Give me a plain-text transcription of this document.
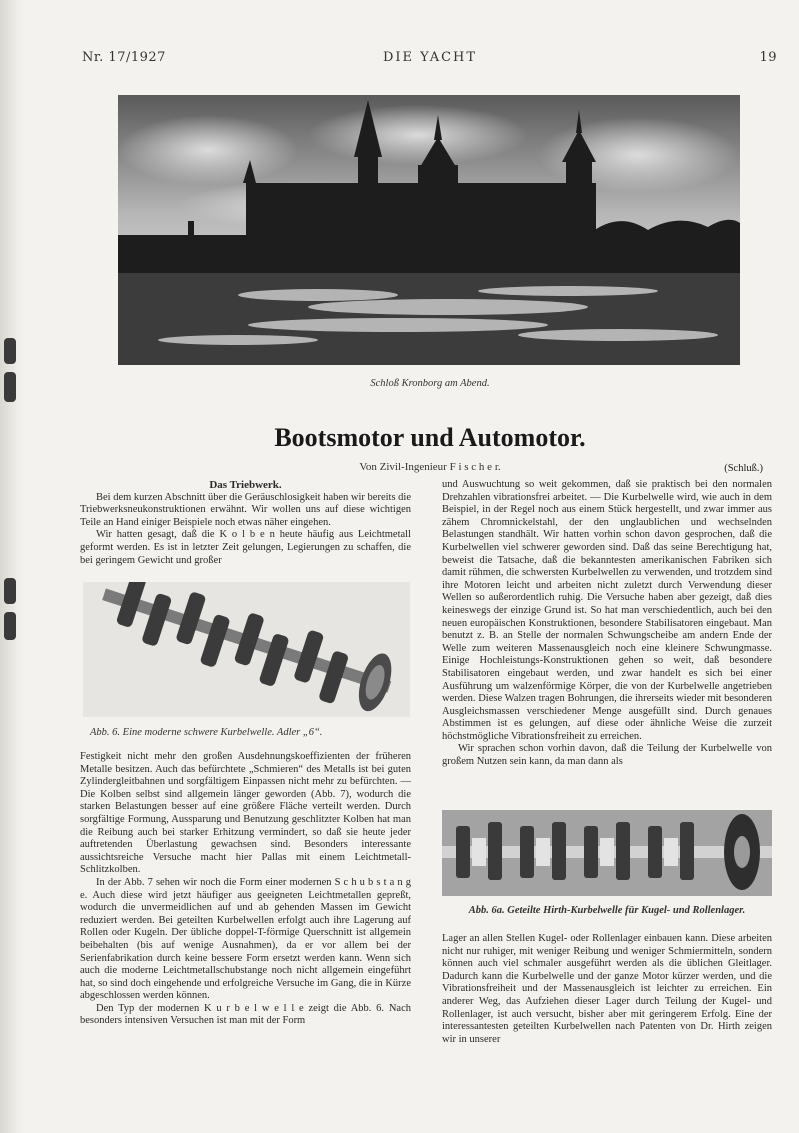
Nr. 17/1927	DIE YACHT	19
Schloß Kronborg am Abend.
Bootsmotor und Automotor.
Von Zivil-Ingenieur F i s c h e r.	(Schluß.)

Das Triebwerk.

Bei dem kurzen Abschnitt über die Geräuschlosigkeit haben wir bereits die Triebwerksneukonstruktionen erwähnt. Wir wollen uns auf diese wichtigen Teile an Hand einiger Beispiele noch etwas näher eingehen.

Wir hatten gesagt, daß die K o l b e n heute häufig aus Leichtmetall geformt werden. Es ist in letzter Zeit gelungen, Legierungen zu schaffen, die bei geringem Gewicht und großer

Abb. 6. Eine moderne schwere Kurbelwelle. Adler „6“.

Festigkeit nicht mehr den großen Ausdehnungskoeffizienten der früheren Metalle besitzen. Auch das befürchtete „Schmieren“ des Metalls ist bei guten Zylindergleitbahnen und sorgfältigem Einpassen nicht mehr zu befürchten. — Die Kolben selbst sind allgemein länger geworden (Abb. 7), wodurch die starken Belastungen besser auf eine größere Fläche verteilt werden. Durch sorgfältige Formung, Aussparung und Benutzung geschlitzter Kolben hat man die Reibung auch bei starker Erhitzung vermindert, so daß sie heute jeder auftretenden Überlastung gewachsen sind. Besonders interessante aussichtsreiche Versuche macht hier Pallas mit einem Leichtmetall-Schlitzkolben.

In der Abb. 7 sehen wir noch die Form einer modernen S c h u b s t a n g e. Auch diese wird jetzt häufiger aus geeigneten Leichtmetallen gepreßt, wodurch die unvermeidlichen auf und ab gehenden Massen im Gewicht reduziert werden. Bei geteilten Kurbelwellen erfolgt auch ihre Lagerung auf Rollen oder Kugeln. Der übliche doppel-T-förmige Querschnitt ist allgemein beibehalten (bis auf wenige Ausnahmen), da er vor allem bei der Serienfabrikation durch keine bessere Form ersetzt werden kann. Wenn sich auch die moderne Leichtmetallschubstange noch nicht allgemein eingeführt hat, so sind doch eingehende und erfolgreiche Versuche im Gang, die in Kürze abgeschlossen werden können.

Den Typ der modernen K u r b e l w e l l e zeigt die Abb. 6. Nach besonders intensiven Versuchen ist man mit der Form

und Auswuchtung so weit gekommen, daß sie praktisch bei den normalen Drehzahlen vibrationsfrei arbeitet. — Die Kurbelwelle wird, wie auch in dem Beispiel, in der Regel noch aus einem Stück hergestellt, und zwar immer aus zähem Chromnickelstahl, der den unglaublichen und wechselnden Belastungen standhält. Wir hatten vorhin schon davon gesprochen, daß die Kurbelwellen viel schwerer geworden sind. Daß das seine Berechtigung hat, beweist die Tatsache, daß die bekanntesten amerikanischen Fabriken sich damit rühmen, die schwersten Kurbelwellen zu verwenden, und trotzdem sind ihre Motoren leicht und arbeiten nicht zuletzt durch Verwendung dieser Wellen so außerordentlich ruhig. Die Versuche haben aber gezeigt, daß dies keineswegs der einzige Grund ist. So hat man verschiedentlich, auch bei den neuen europäischen Konstruktionen, besondere Stabilisatoren eingebaut. Man benutzt z. B. an Stelle der normalen Schwungscheibe am andern Ende der Welle zum weiteren Massenausgleich noch eine kleinere Schwungmasse. Einige Hochleistungs-Konstruktionen gehen so weit, daß besondere Stabilisatoren eingebaut werden, und zwar handelt es sich bei einer Ausführung um walzenförmige Körper, die von der Kurbelwelle angetrieben werden. Diese Walzen tragen Bohrungen, die ihrerseits wieder mit besonderen Ausgleichsmassen verschiedener Menge ausgefüllt sind. Durch genaues Abstimmen ist es gelungen, auf diese oder ähnliche Weise die zurzeit höchstmögliche Vibrationsfreiheit zu erreichen.

Wir sprachen schon vorhin davon, daß die Teilung der Kurbelwelle von großem Nutzen sein kann, da man dann als

Abb. 6a. Geteilte Hirth-Kurbelwelle für Kugel- und Rollenlager.

Lager an allen Stellen Kugel- oder Rollenlager einbauen kann. Diese arbeiten nicht nur ruhiger, mit weniger Reibung und weniger Schmiermitteln, sondern können auch viel schmaler ausgeführt werden als die üblichen Gleitlager. Dadurch kann die Kurbelwelle und der ganze Motor kürzer werden, und die Vibrationsfreiheit und der Massenausgleich ist leichter zu erreichen. Ein anderer Weg, das Aufziehen dieser Lager durch Teilung der Kugel- und Rollenlager, ist auch versucht, bisher aber mit geringerem Erfolg. Eine der interessantesten geteilten Kurbelwellen nach Patenten von Dr. Hirth zeigen wir in unserer
